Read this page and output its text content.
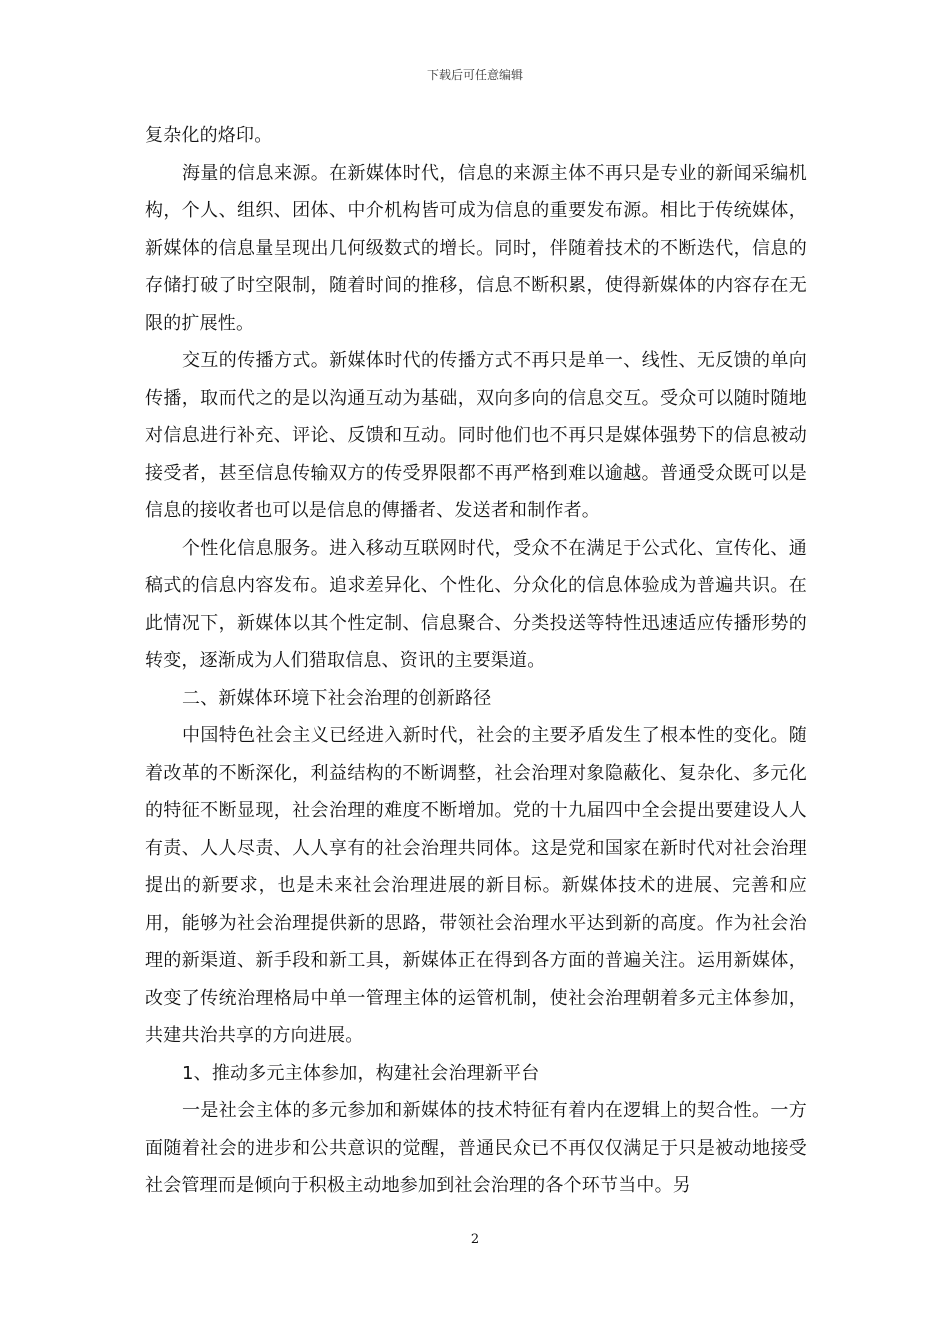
下载后可任意编辑

复杂化的烙印。

海量的信息来源。在新媒体时代，信息的来源主体不再只是专业的新闻采编机构，个人、组织、团体、中介机构皆可成为信息的重要发布源。相比于传统媒体，新媒体的信息量呈现出几何级数式的增长。同时，伴随着技术的不断迭代，信息的存储打破了时空限制，随着时间的推移，信息不断积累，使得新媒体的内容存在无限的扩展性。

交互的传播方式。新媒体时代的传播方式不再只是单一、线性、无反馈的单向传播，取而代之的是以沟通互动为基础，双向多向的信息交互。受众可以随时随地对信息进行补充、评论、反馈和互动。同时他们也不再只是媒体强势下的信息被动接受者，甚至信息传输双方的传受界限都不再严格到难以逾越。普通受众既可以是信息的接收者也可以是信息的傳播者、发送者和制作者。

个性化信息服务。进入移动互联网时代，受众不在满足于公式化、宣传化、通稿式的信息内容发布。追求差异化、个性化、分众化的信息体验成为普遍共识。在此情况下，新媒体以其个性定制、信息聚合、分类投送等特性迅速适应传播形势的转变，逐渐成为人们猎取信息、资讯的主要渠道。

二、新媒体环境下社会治理的创新路径

中国特色社会主义已经进入新时代，社会的主要矛盾发生了根本性的变化。随着改革的不断深化，利益结构的不断调整，社会治理对象隐蔽化、复杂化、多元化的特征不断显现，社会治理的难度不断增加。党的十九届四中全会提出要建设人人有责、人人尽责、人人享有的社会治理共同体。这是党和国家在新时代对社会治理提出的新要求，也是未来社会治理进展的新目标。新媒体技术的进展、完善和应用，能够为社会治理提供新的思路，带领社会治理水平达到新的高度。作为社会治理的新渠道、新手段和新工具，新媒体正在得到各方面的普遍关注。运用新媒体，改变了传统治理格局中单一管理主体的运管机制，使社会治理朝着多元主体参加，共建共治共享的方向进展。

1、推动多元主体参加，构建社会治理新平台

一是社会主体的多元参加和新媒体的技术特征有着内在逻辑上的契合性。一方面随着社会的进步和公共意识的觉醒，普通民众已不再仅仅满足于只是被动地接受社会管理而是倾向于积极主动地参加到社会治理的各个环节当中。另

2
